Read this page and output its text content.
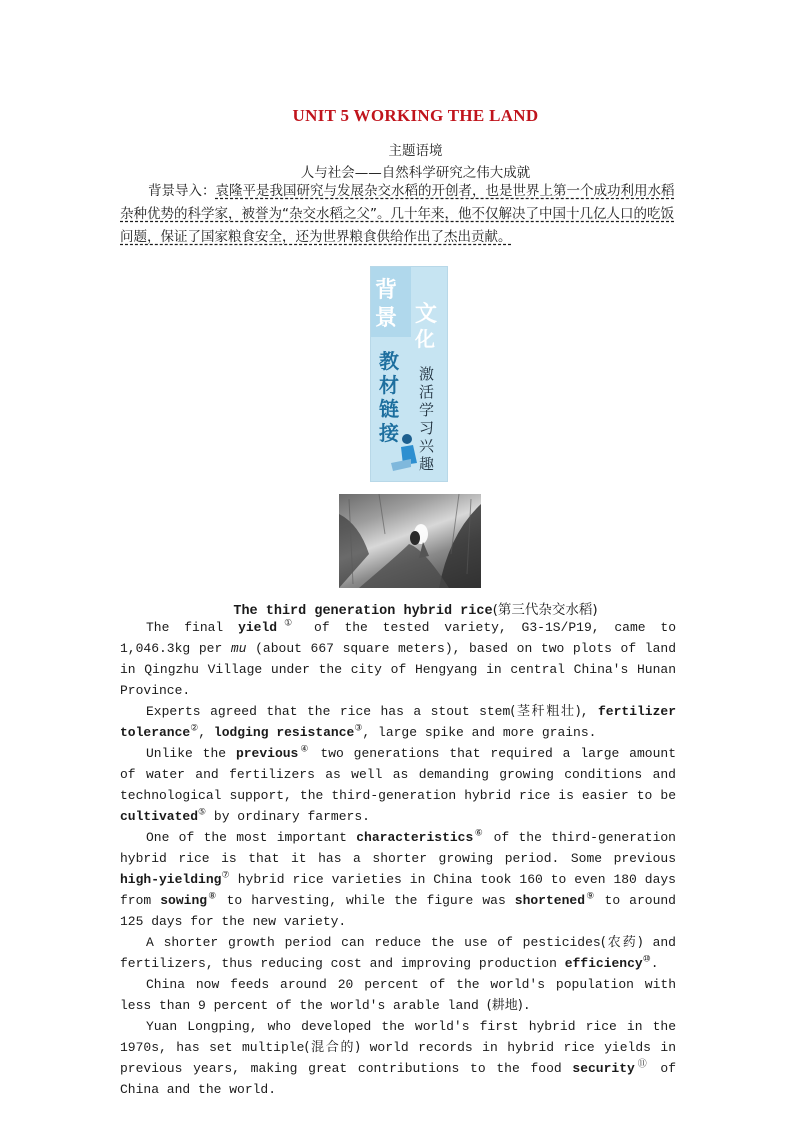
UNIT 5 WORKING THE LAND
主题语境
人与社会——自然科学研究之伟大成就
背景导入：袁隆平是我国研究与发展杂交水稻的开创者，也是世界上第一个成功利用水稻杂种优势的科学家，被誉为“杂交水稻之父”。几十年来，他不仅解决了中国十几亿人口的吃饭问题，保证了国家粮食安全，还为世界粮食供给作出了杰出贡献。
背
景 文
化
教
材
链
接
激
活
学
习
兴
趣
The third generation hybrid rice(第三代杂交水稻)

The final yield① of the tested variety, G3-1S/P19, came to 1,046.3kg per mu (about 667 square meters), based on two plots of land in Qingzhu Village under the city of Hengyang in central China's Hunan Province.

Experts agreed that the rice has a stout stem(茎秆粗壮), fertilizer tolerance②, lodging resistance③, large spike and more grains.

Unlike the previous④ two generations that required a large amount of water and fertilizers as well as demanding growing conditions and technological support, the third-generation hybrid rice is easier to be cultivated⑤ by ordinary farmers.

One of the most important characteristics⑥ of the third-generation hybrid rice is that it has a shorter growing period. Some previous high-yielding⑦ hybrid rice varieties in China took 160 to even 180 days from sowing⑧ to harvesting, while the figure was shortened⑨ to around 125 days for the new variety.

A shorter growth period can reduce the use of pesticides(农药) and fertilizers, thus reducing cost and improving production efficiency⑩.

China now feeds around 20 percent of the world's population with less than 9 percent of the world's arable land (耕地).

Yuan Longping, who developed the world's first hybrid rice in the 1970s, has set multiple(混合的) world records in hybrid rice yields in previous years, making great contributions to the food security⑪ of China and the world.
